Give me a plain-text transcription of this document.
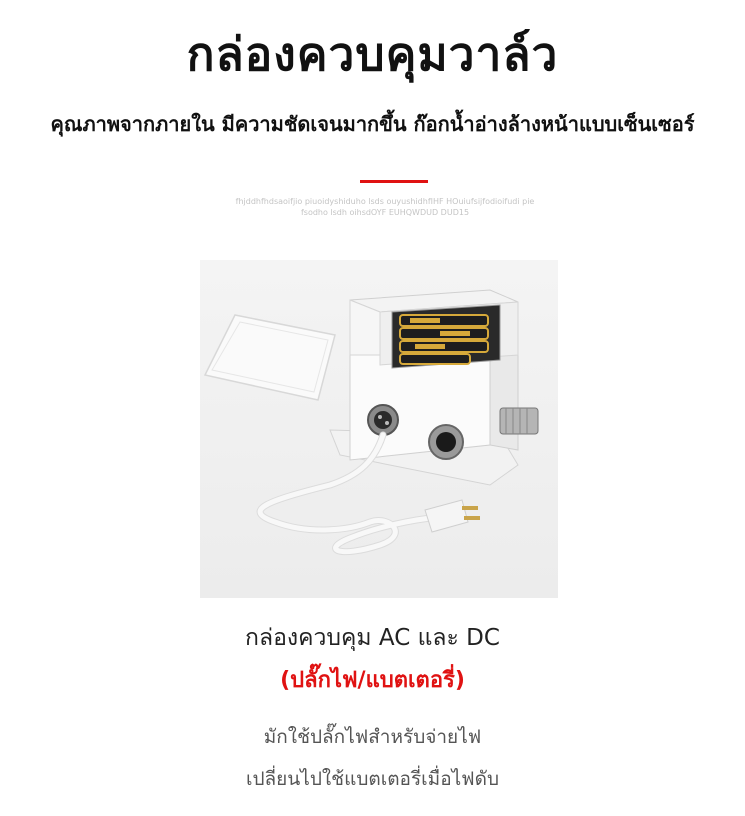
กล่องควบคุมวาล์ว
คุณภาพจากภายใน มีความชัดเจนมากขึ้น ก๊อกน้ำอ่างล้างหน้าแบบเซ็นเซอร์
fhjddhfhdsaoifjio piuoidyshiduho lsds ouyushidhfIHF HOuiufsijfodioifudi pie
fsodho lsdh oihsdOYF EUHQWDUD DUD15
กล่องควบคุม AC และ DC
(ปลั๊กไฟ/แบตเตอรี่)
มักใช้ปลั๊กไฟสำหรับจ่ายไฟ
เปลี่ยนไปใช้แบตเตอรี่เมื่อไฟดับ
